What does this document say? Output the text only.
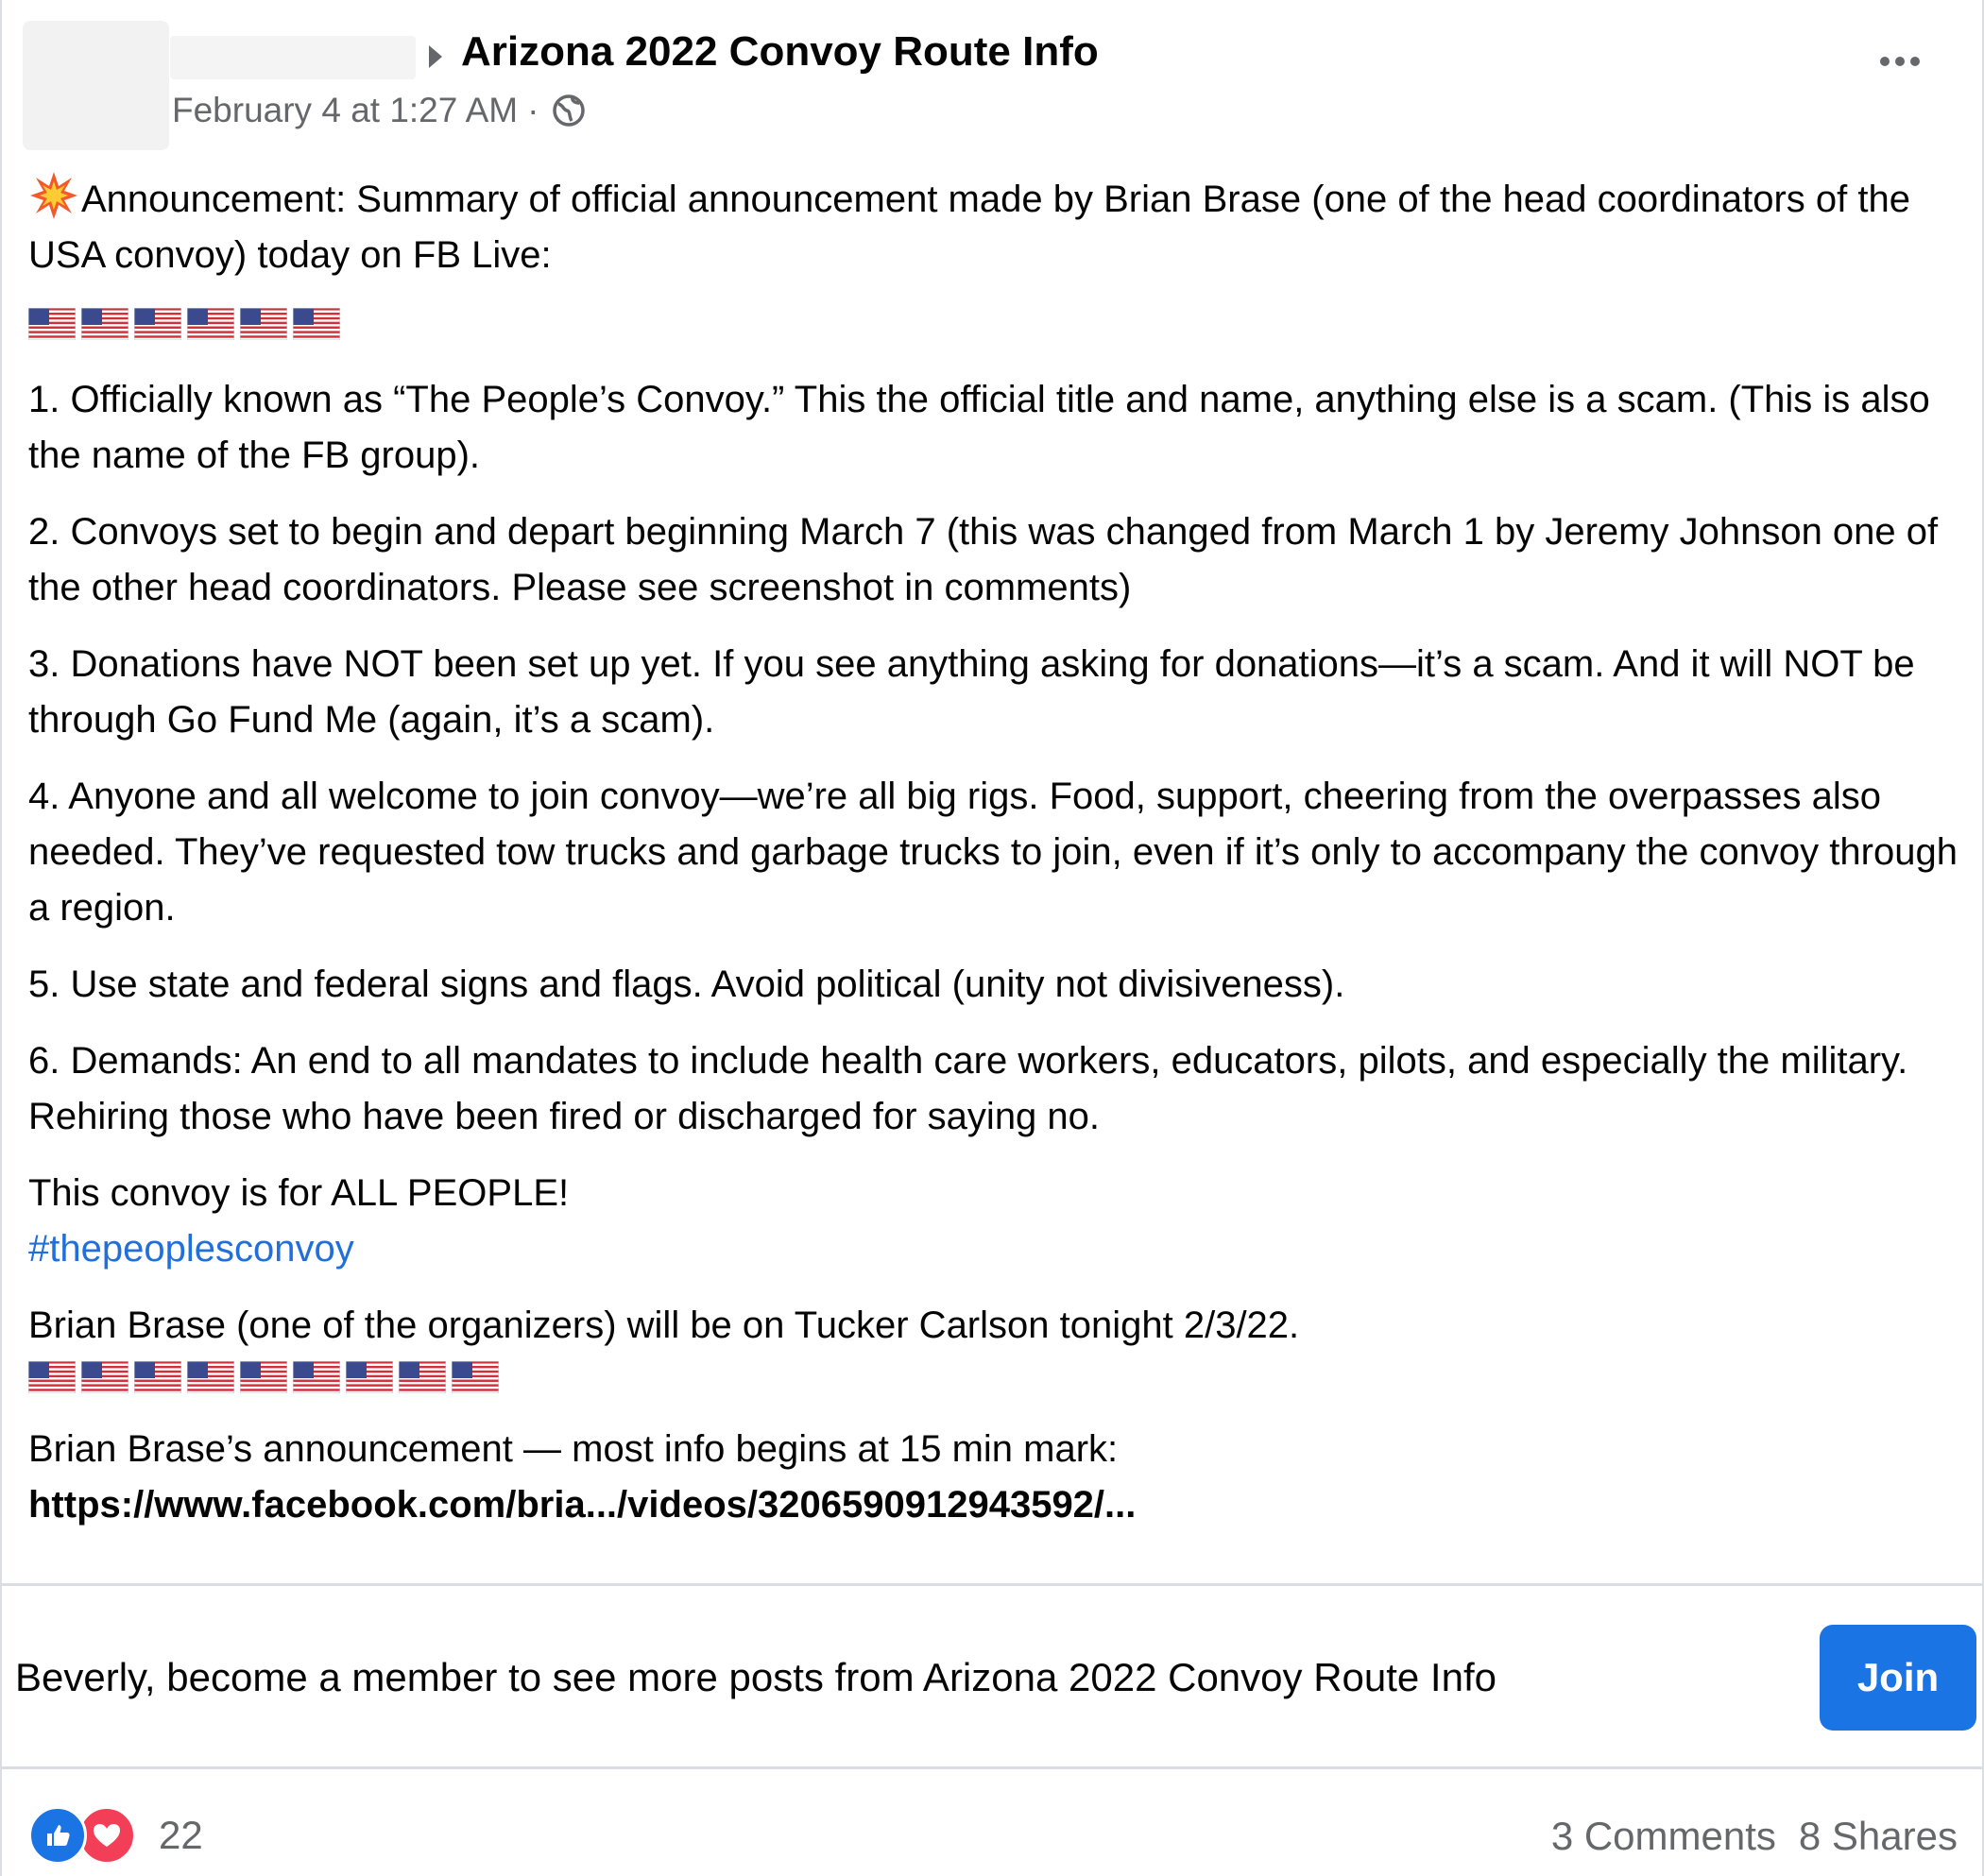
Arizona 2022 Convoy Route Info
February 4 at 1:27 AM ·

Announcement: Summary of official announcement made by Brian Brase (one of the head coordinators of the USA convoy) today on FB Live:

1. Officially known as “The People’s Convoy.” This the official title and name, anything else is a scam. (This is also the name of the FB group).

2. Convoys set to begin and depart beginning March 7 (this was changed from March 1 by Jeremy Johnson one of the other head coordinators. Please see screenshot in comments)

3. Donations have NOT been set up yet. If you see anything asking for donations—it’s a scam. And it will NOT be through Go Fund Me (again, it’s a scam).

4. Anyone and all welcome to join convoy—we’re all big rigs. Food, support, cheering from the overpasses also needed. They’ve requested tow trucks and garbage trucks to join, even if it’s only to accompany the convoy through a region.

5. Use state and federal signs and flags. Avoid political (unity not divisiveness).

6. Demands: An end to all mandates to include health care workers, educators, pilots, and especially the military. Rehiring those who have been fired or discharged for saying no.

This convoy is for ALL PEOPLE!
#thepeoplesconvoy

Brian Brase (one of the organizers) will be on Tucker Carlson tonight 2/3/22.

Brian Brase’s announcement — most info begins at 15 min mark:
https://www.facebook.com/bria.../videos/3206590912943592/...

Beverly, become a member to see more posts from Arizona 2022 Convoy Route Info	Join
22	3 Comments 8 Shares
